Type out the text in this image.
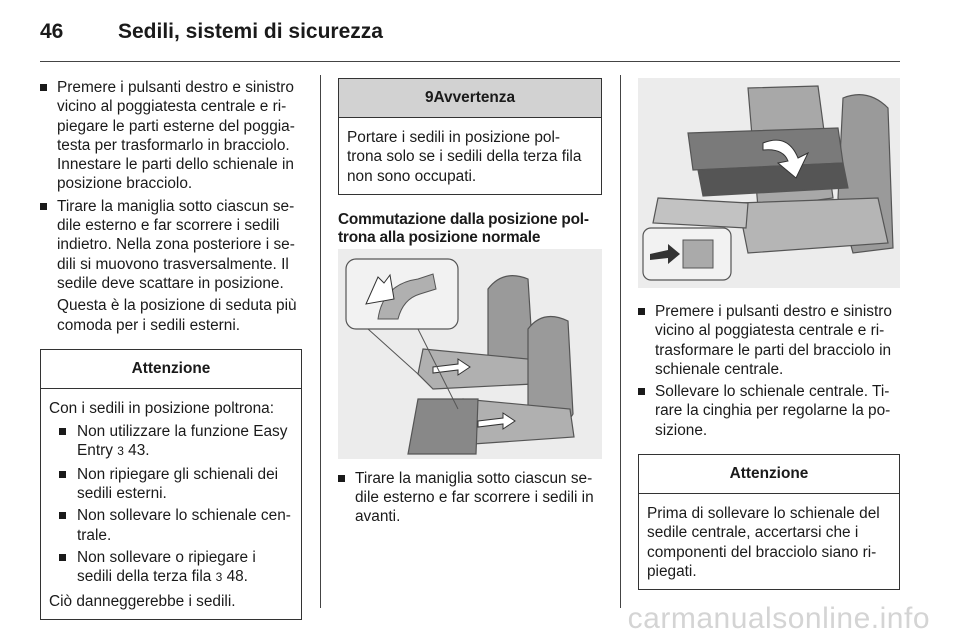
46	Sedili, sistemi di sicurezza
Premere i pulsanti destro e sinistro vicino al poggiatesta centrale e ri-piegare le parti esterne del poggia-testa per trasformarlo in bracciolo. Innestare le parti dello schienale in posizione bracciolo.
Tirare la maniglia sotto ciascun se-dile esterno e far scorrere i sedili indietro. Nella zona posteriore i se-dili si muovono trasversalmente. Il sedile deve scattare in posizione.
Questa è la posizione di seduta più comoda per i sedili esterni.
Attenzione
Con i sedili in posizione poltrona:
Non utilizzare la funzione Easy Entry 3 43.
Non ripiegare gli schienali dei sedili esterni.
Non sollevare lo schienale cen-trale.
Non sollevare o ripiegare i sedili della terza fila 3 48.
Ciò danneggerebbe i sedili.
9Avvertenza
Portare i sedili in posizione pol-trona solo se i sedili della terza fila non sono occupati.
Commutazione dalla posizione pol-trona alla posizione normale
Tirare la maniglia sotto ciascun se-dile esterno e far scorrere i sedili in avanti.
Premere i pulsanti destro e sinistro vicino al poggiatesta centrale e ri-trasformare le parti del bracciolo in schienale centrale.
Sollevare lo schienale centrale. Ti-rare la cinghia per regolarne la po-sizione.
Attenzione
Prima di sollevare lo schienale del sedile centrale, accertarsi che i componenti del bracciolo siano ri-piegati.
carmanualsonline.info
